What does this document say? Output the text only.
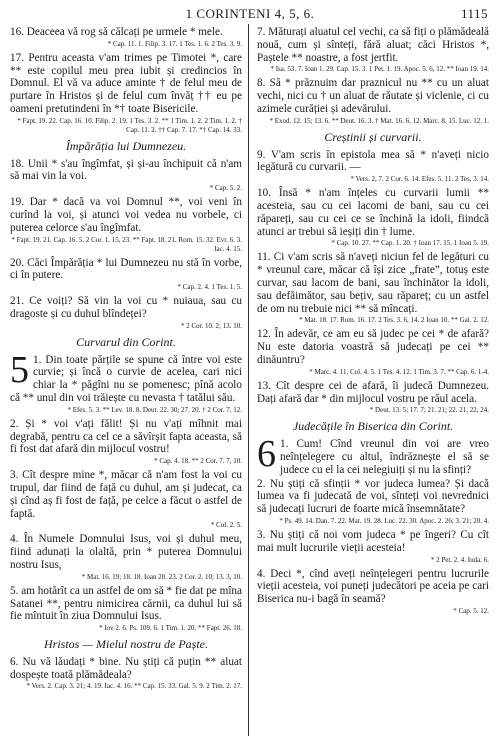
1 CORINTENI 4, 5, 6.	1115
16. Deaceea vă rog să călcați pe urmele * mele.
* Cap. 11. 1. Filip. 3. 17. 1 Tes. 1. 6. 2 Tes. 3. 9.
17. Pentru aceasta v'am trimes pe Timotei *, care ** este copilul meu prea iubit și credincios în Domnul. El vă va aduce aminte † de felul meu de purtare în Hristos și de felul cum învăț †† eu pe oameni pretutindeni în *† toate Bisericile.
* Fapt. 19. 22. Cap. 16. 10. Filip. 2. 19. 1 Tes. 3. 2. ** 1 Tim. 1. 2. 2 Tim. 1. 2. † Cap. 11. 2. †† Cap. 7. 17. *† Cap. 14. 33.
Împărăția lui Dumnezeu.
18. Unii * s'au îngîmfat, și și-au închipuit că n'am să mai vin la voi.
* Cap. 5. 2.
19. Dar * dacă va voi Domnul **, voi veni în curînd la voi, și atunci voi vedea nu vorbele, ci puterea celorce s'au îngîmfat.
* Fapt. 19. 21. Cap. 16. 5. 2 Cor. 1. 15, 23. ** Fapt. 18. 21. Rom. 15. 32. Evr. 6. 3. Iac. 4. 15.
20. Căci Împărăția * lui Dumnezeu nu stă în vorbe, ci în putere.
* Cap. 2. 4. 1 Tes. 1. 5.
21. Ce voiți? Să vin la voi cu * nuiaua, sau cu dragoste și cu duhul blîndeței?
* 2 Cor. 10. 2; 13. 10.
Curvarul din Corint.
5 1. Din toate părțile se spune că între voi este curvie; și încă o curvie de acelea, cari nici chiar la * păgîni nu se pomenesc; pînă acolo că ** unul din voi trăiește cu nevasta † tatălui său.
* Efes. 5. 3. ** Lev. 18. 8. Deut. 22. 30; 27. 20. † 2 Cor. 7. 12.
2. Și * voi v'ați fălit! Și nu v'ați mîhnit mai degrabă, pentru ca cel ce a săvîrșit fapta aceasta, să fi fost dat afară din mijlocul vostru!
* Cap. 4. 18. ** 2 Cor. 7. 7, 10.
3. Cît despre mine *, măcar că n'am fost la voi cu trupul, dar fiind de față cu duhul, am și judecat, ca și cînd aș fi fost de față, pe celce a făcut o astfel de faptă.
* Col. 2. 5.
4. În Numele Domnului Isus, voi și duhul meu, fiind adunați la olaltă, prin * puterea Domnului nostru Isus,
* Mat. 16. 19; 18. 18. Ioan 20. 23. 2 Cor. 2. 10; 13. 3, 10.
5. am hotărît ca un astfel de om să * fie dat pe mîna Satanei **, pentru nimicirea cărnii, ca duhul lui să fie mîntuit în ziua Domnului Isus.
* Iov 2. 6. Ps. 109. 6. 1 Tim. 1. 20. ** Fapt. 26. 18.
Hristos — Mielul nostru de Paște.
6. Nu vă lăudați * bine. Nu știți că puțin ** aluat dospește toată plămădeala?
* Vers. 2. Cap. 3. 21; 4. 19. Iac. 4. 16. ** Cap. 15. 33. Gal. 5. 9. 2 Tim. 2. 17.
7. Măturați aluatul cel vechi, ca să fiți o plămădeală nouă, cum și sînteți, fără aluat; căci Hristos *, Paștele ** noastre, a fost jertfit.
* Isa. 53. 7. Ioan 1. 29. Cap. 15. 3. 1 Pet. 1. 19. Apoc. 5. 6, 12. ** Ioan 19. 14.
8. Să * prăznuim dar praznicul nu ** cu un aluat vechi, nici cu † un aluat de răutate și viclenie, ci cu azimele curăției și adevărului.
* Exod. 12. 15; 13. 6. ** Deut. 16. 3. † Mat. 16. 6, 12. Marc. 8. 15. Luc. 12. 1.
Creștinii și curvarii.
9. V'am scris în epistola mea să * n'aveți nicio legătură cu curvarii. —
* Vers. 2, 7. 2 Cor. 6. 14. Efes. 5. 11. 2 Tes. 3. 14.
10. Însă * n'am înțeles cu curvarii lumii ** acesteia, sau cu cei lacomi de bani, sau cu cei răpareți, sau cu cei ce se închină la idoli, fiindcă atunci ar trebui să ieșiți din † lume.
* Cap. 10. 27. ** Cap. 1. 20. † Ioan 17. 15. 1 Ioan 5. 19.
11. Ci v'am scris să n'aveți niciun fel de legături cu * vreunul care, măcar că își zice „frate”, totuș este curvar, sau lacom de bani, sau închinător la idoli, sau defăimător, sau bețiv, sau răpareț; cu un astfel de om nu trebuie nici ** să mîncați.
* Mat. 18. 17. Rom. 16. 17. 2 Tes. 3. 6, 14. 2 Ioan 10. ** Gal. 2. 12.
12. În adevăr, ce am eu să judec pe cei * de afară? Nu este datoria voastră să judecați pe cei ** dinăuntru?
* Marc. 4. 11. Col. 4. 5. 1 Tes. 4. 12. 1 Tim. 3. 7. ** Cap. 6. 1-4.
13. Cît despre cei de afară, îi judecă Dumnezeu. Dați afară dar * din mijlocul vostru pe răul acela.
* Deut. 13. 5; 17. 7; 21. 21; 22. 21, 22, 24.
Judecățile în Biserica din Corint.
6 1. Cum! Cînd vreunul din voi are vreo neînțelegere cu altul, îndrăznește el să se judece cu el la cei nelegiuiți și nu la sfinți?
2. Nu știți că sfinții * vor judeca lumea? Și dacă lumea va fi judecată de voi, sînteți voi nevrednici să judecați lucruri de foarte mică însemnătate?
* Ps. 49. 14. Dan. 7. 22. Mat. 19. 28. Luc. 22. 30. Apoc. 2. 26; 3. 21; 20. 4.
3. Nu știți că noi vom judeca * pe îngeri? Cu cît mai mult lucrurile vieții acesteia!
* 2 Pet. 2. 4. Iuda. 6.
4. Deci *, cînd aveți neînțelegeri pentru lucrurile vieții acesteia, voi puneți judecători pe aceia pe cari Biserica nu-i bagă în seamă?
* Cap. 5. 12.
